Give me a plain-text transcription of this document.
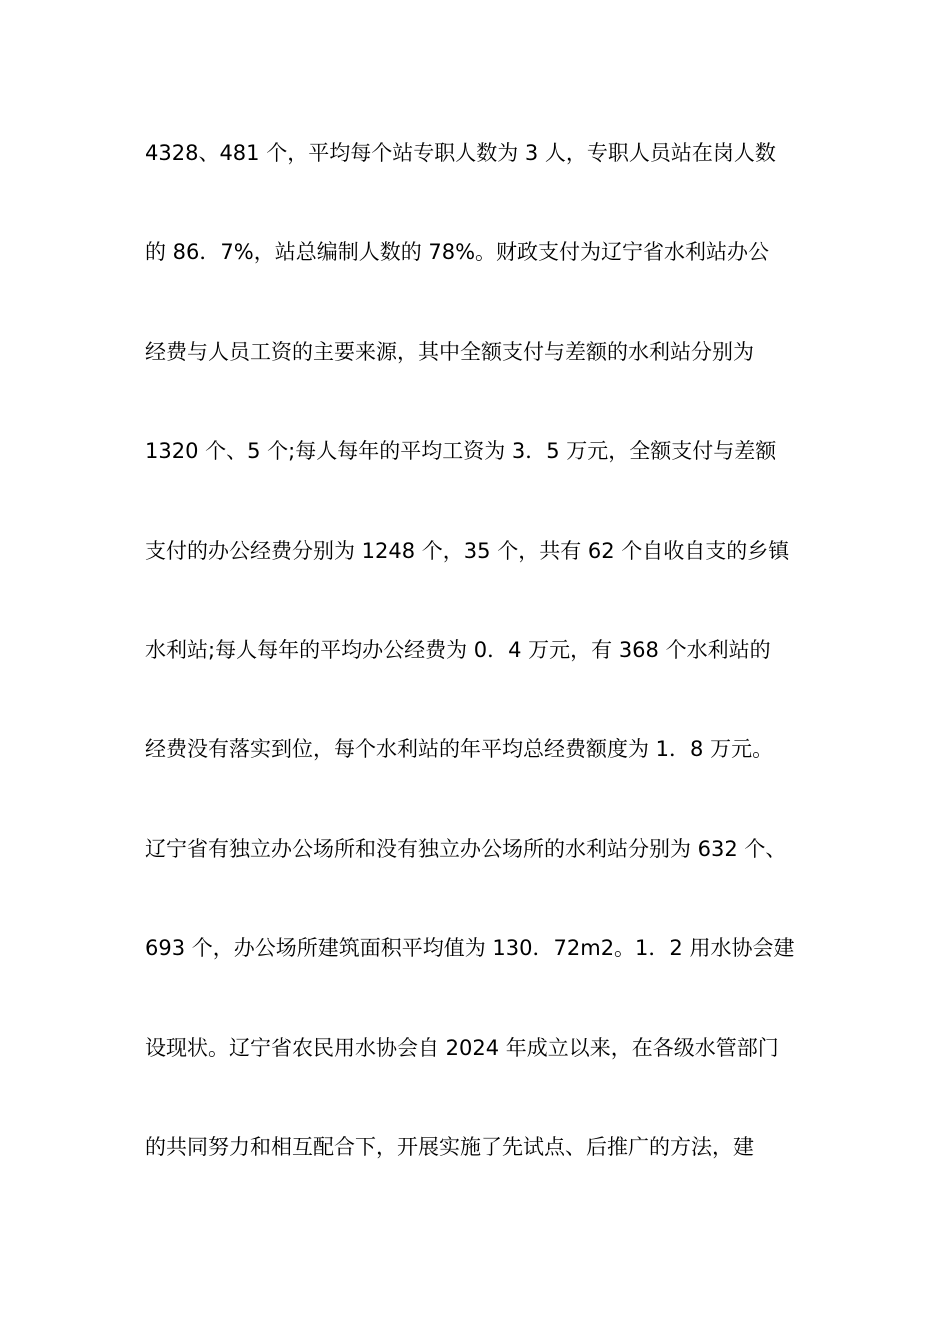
4328、481 个，平均每个站专职人数为 3 人，专职人员站在岗人数
的 86．7%，站总编制人数的 78%。财政支付为辽宁省水利站办公
经费与人员工资的主要来源，其中全额支付与差额的水利站分别为
1320 个、5 个;每人每年的平均工资为 3．5 万元，全额支付与差额
支付的办公经费分别为 1248 个，35 个，共有 62 个自收自支的乡镇
水利站;每人每年的平均办公经费为 0．4 万元，有 368 个水利站的
经费没有落实到位，每个水利站的年平均总经费额度为 1．8 万元。
辽宁省有独立办公场所和没有独立办公场所的水利站分别为 632 个、
693 个，办公场所建筑面积平均值为 130．72m2。1．2 用水协会建
设现状。辽宁省农民用水协会自 2024 年成立以来，在各级水管部门
的共同努力和相互配合下，开展实施了先试点、后推广的方法，建
